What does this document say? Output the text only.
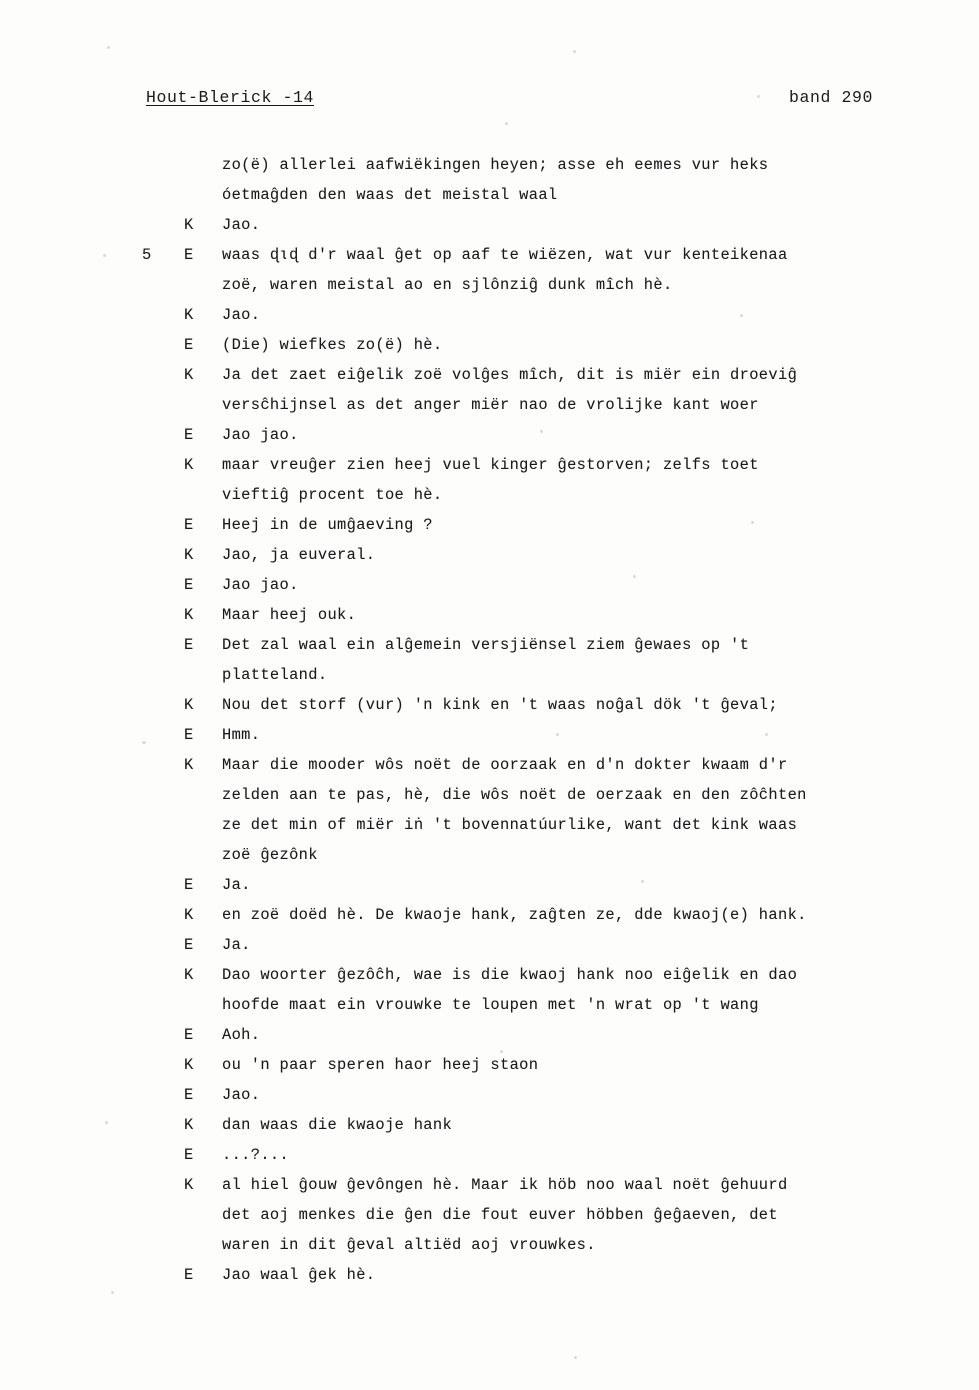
Hout-Blerick -14	band 290
zo(ë) allerlei aafwiëkingen heyen; asse eh eemes vur heks
óetmaĝden den waas det meistal waal
K	Jao.
5	E	waas ɖɩɖ d'r waal ĝet op aaf te wiëzen, wat vur kenteikenaa
zoë, waren meistal ao en sjlônziĝ dunk mîch hè.
K	Jao.
E	(Die) wiefkes zo(ë) hè.
K	Ja det zaet eiĝelik zoë volĝes mîch, dit is miër ein droeviĝ
versĉhijnsel as det anger miër nao de vrolijke kant woer
E	Jao jao.
K	maar vreuĝer zien heej vuel kinger ĝestorven; zelfs toet
vieftiĝ procent toe hè.
E	Heej in de umĝaeving ?
K	Jao, ja euveral.
E	Jao jao.
K	Maar heej ouk.
E	Det zal waal ein alĝemein versjiënsel ziem ĝewaes op 't
platteland.
K	Nou det storf (vur) 'n kink en 't waas noĝal dök 't ĝeval;
E	Hmm.
K	Maar die mooder wôs noët de oorzaak en d'n dokter kwaam d'r
zelden aan te pas, hè, die wôs noët de oerzaak en den zôĉhten
ze det min of miër iṅ 't bovennatúurlike, want det kink waas
zoë ĝezônk
E	Ja.
K	en zoë doëd hè. De kwaoje hank, zaĝten ze, dde kwaoj(e) hank.
E	Ja.
K	Dao woorter ĝezôĉh, wae is die kwaoj hank noo eiĝelik en dao
hoofde maat ein vrouwke te loupen met 'n wrat op 't wang
E	Aoh.
K	ou 'n paar speren haor heej staon
E	Jao.
K	dan waas die kwaoje hank
E	...?...
K	al hiel ĝouw ĝevôngen hè. Maar ik höb noo waal noët ĝehuurd
det aoj menkes die ĝen die fout euver höbben ĝeĝaeven, det
waren in dit ĝeval altiëd aoj vrouwkes.
E	Jao waal ĝek hè.
